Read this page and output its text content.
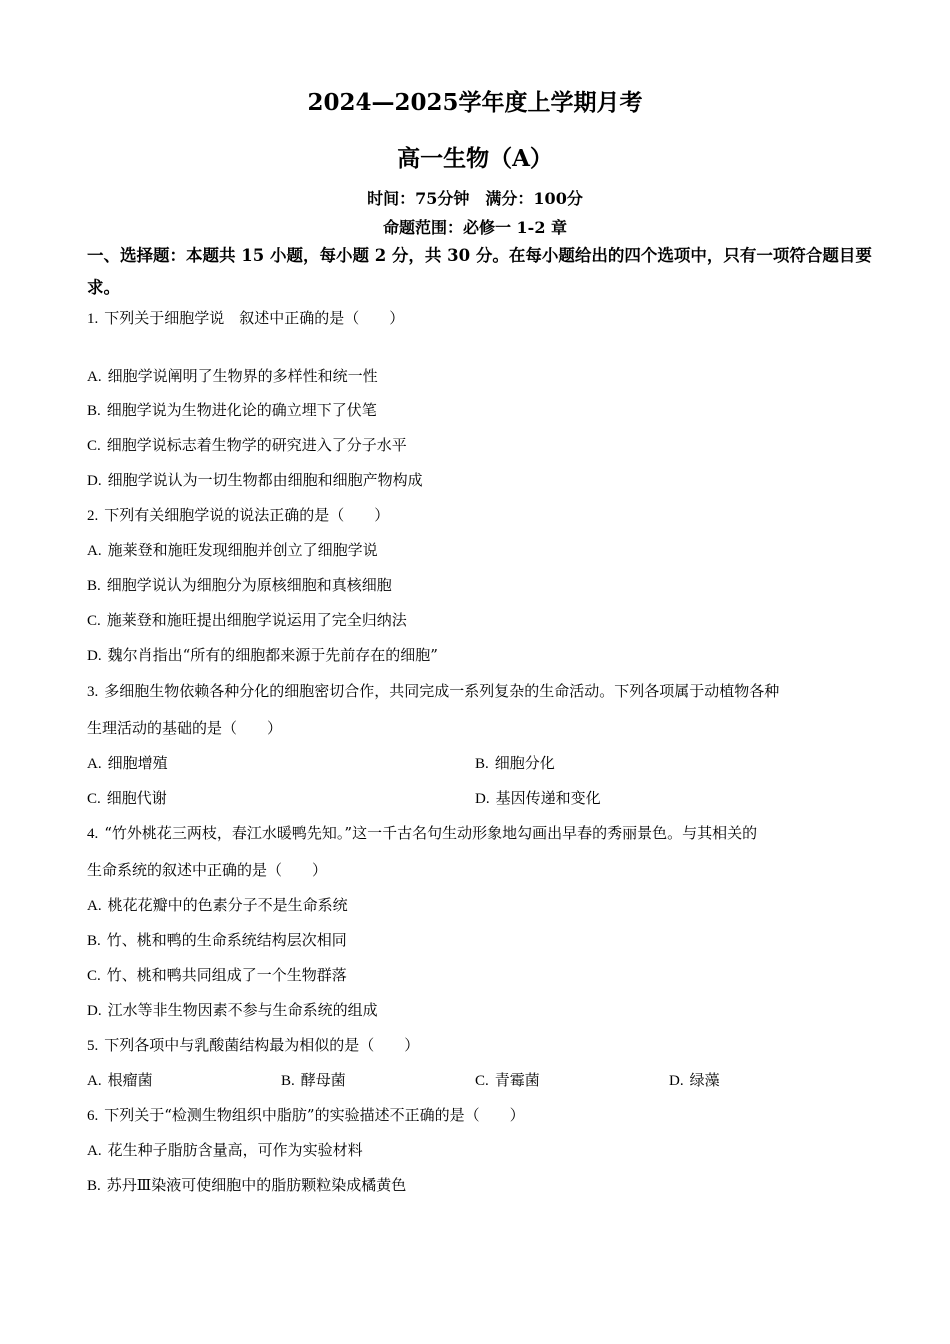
2024—2025学年度上学期月考
高一生物（A）
时间：75分钟　满分：100分
命题范围：必修一 1-2 章
一、选择题：本题共 15 小题，每小题 2 分，共 30 分。在每小题给出的四个选项中，只有一项符合题目要求。
1. 下列关于细胞学说　叙述中正确的是（　　）
A. 细胞学说阐明了生物界的多样性和统一性
B. 细胞学说为生物进化论的确立埋下了伏笔
C. 细胞学说标志着生物学的研究进入了分子水平
D. 细胞学说认为一切生物都由细胞和细胞产物构成
2. 下列有关细胞学说的说法正确的是（　　）
A. 施莱登和施旺发现细胞并创立了细胞学说
B. 细胞学说认为细胞分为原核细胞和真核细胞
C. 施莱登和施旺提出细胞学说运用了完全归纳法
D. 魏尔肖指出“所有的细胞都来源于先前存在的细胞”
3. 多细胞生物依赖各种分化的细胞密切合作，共同完成一系列复杂的生命活动。下列各项属于动植物各种
生理活动的基础的是（　　）
A. 细胞增殖	B. 细胞分化
C. 细胞代谢	D. 基因传递和变化
4. “竹外桃花三两枝，春江水暖鸭先知。”这一千古名句生动形象地勾画出早春的秀丽景色。与其相关的
生命系统的叙述中正确的是（　　）
A. 桃花花瓣中的色素分子不是生命系统
B. 竹、桃和鸭的生命系统结构层次相同
C. 竹、桃和鸭共同组成了一个生物群落
D. 江水等非生物因素不参与生命系统的组成
5. 下列各项中与乳酸菌结构最为相似的是（　　）
A. 根瘤菌	B. 酵母菌	C. 青霉菌	D. 绿藻
6. 下列关于“检测生物组织中脂肪”的实验描述不正确的是（　　）
A. 花生种子脂肪含量高，可作为实验材料
B. 苏丹Ⅲ染液可使细胞中的脂肪颗粒染成橘黄色
